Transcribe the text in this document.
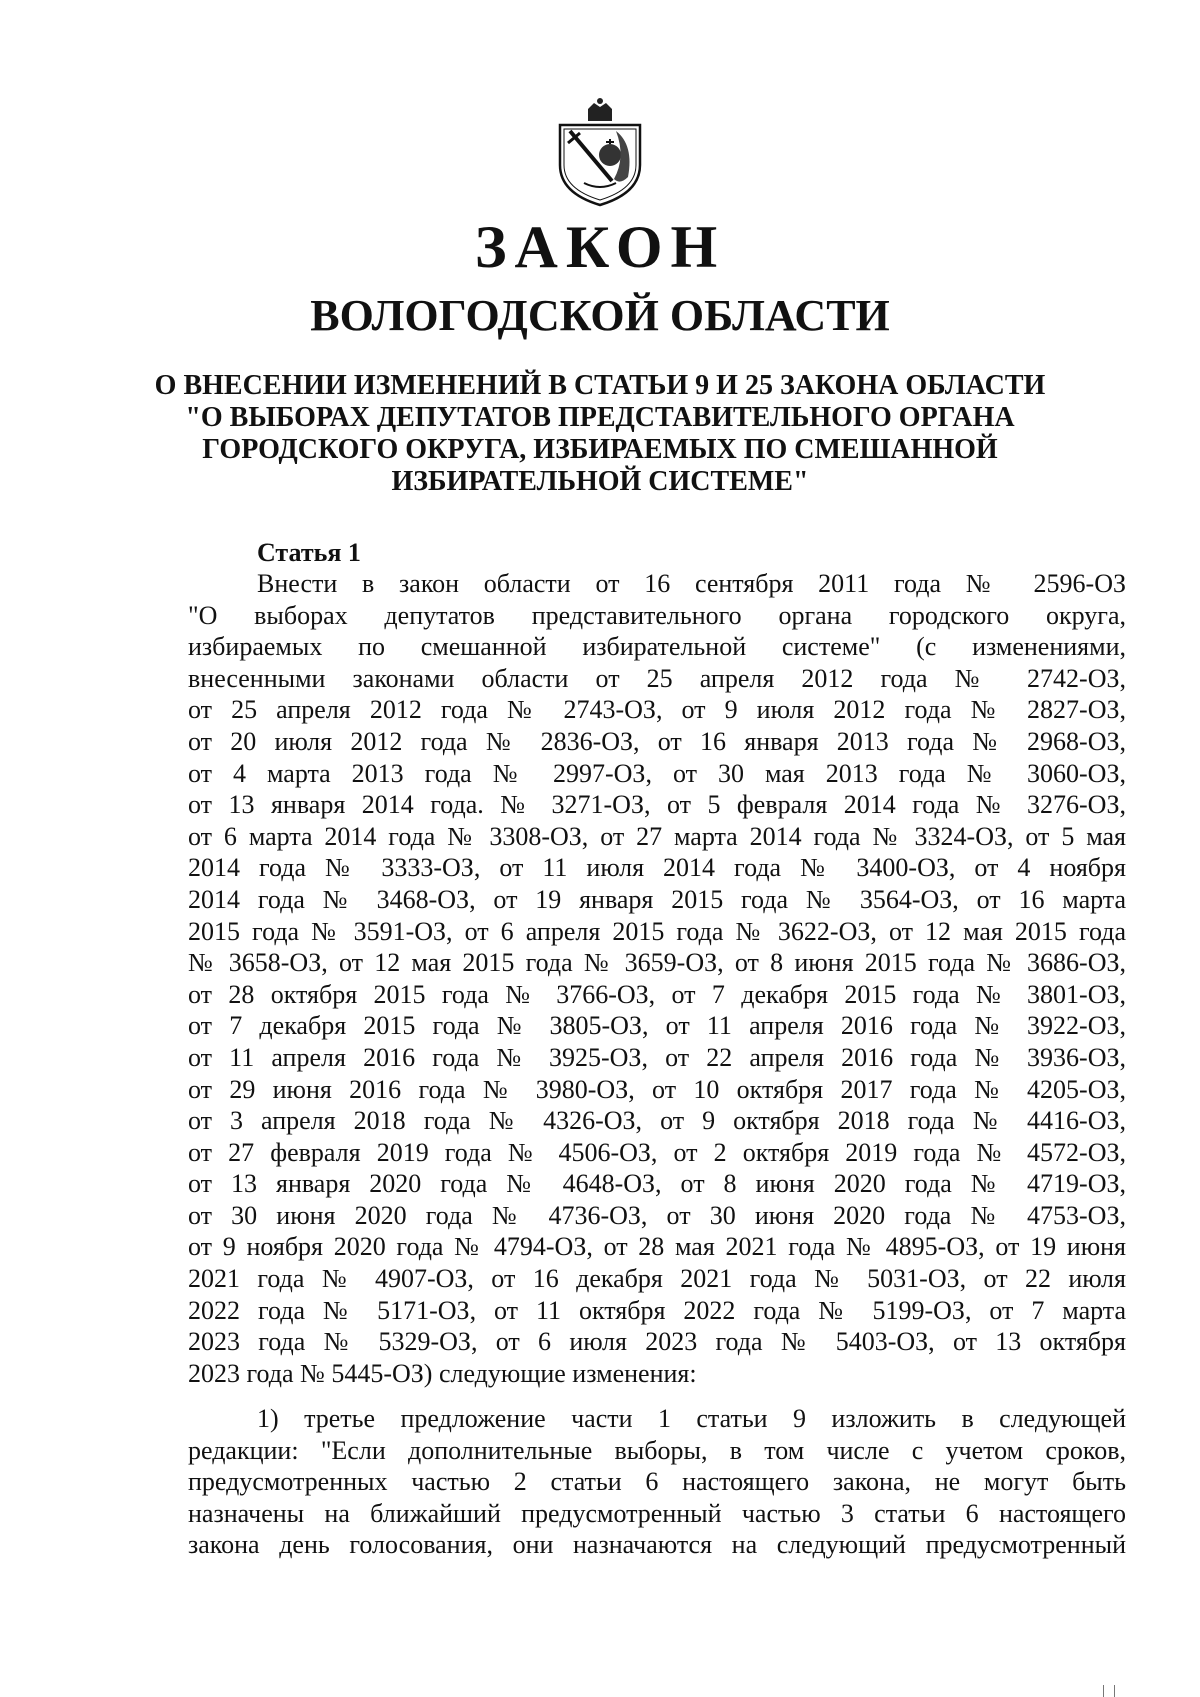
ЗАКОН
ВОЛОГОДСКОЙ ОБЛАСТИ
О ВНЕСЕНИИ ИЗМЕНЕНИЙ В СТАТЬИ 9 И 25 ЗАКОНА ОБЛАСТИ
"О ВЫБОРАХ ДЕПУТАТОВ ПРЕДСТАВИТЕЛЬНОГО ОРГАНА
ГОРОДСКОГО ОКРУГА, ИЗБИРАЕМЫХ ПО СМЕШАННОЙ
ИЗБИРАТЕЛЬНОЙ СИСТЕМЕ"
Статья 1
Внести в закон области от 16 сентября 2011 года № 2596-ОЗ
"О выборах депутатов представительного органа городского округа,
избираемых по смешанной избирательной системе" (с изменениями,
внесенными законами области от 25 апреля 2012 года № 2742-ОЗ,
от 25 апреля 2012 года № 2743-ОЗ, от 9 июля 2012 года № 2827-ОЗ,
от 20 июля 2012 года № 2836-ОЗ, от 16 января 2013 года № 2968-ОЗ,
от 4 марта 2013 года № 2997-ОЗ, от 30 мая 2013 года № 3060-ОЗ,
от 13 января 2014 года. № 3271-ОЗ, от 5 февраля 2014 года № 3276-ОЗ,
от 6 марта 2014 года № 3308-ОЗ, от 27 марта 2014 года № 3324-ОЗ, от 5 мая
2014 года № 3333-ОЗ, от 11 июля 2014 года № 3400-ОЗ, от 4 ноября
2014 года № 3468-ОЗ, от 19 января 2015 года № 3564-ОЗ, от 16 марта
2015 года № 3591-ОЗ, от 6 апреля 2015 года № 3622-ОЗ, от 12 мая 2015 года
№ 3658-ОЗ, от 12 мая 2015 года № 3659-ОЗ, от 8 июня 2015 года № 3686-ОЗ,
от 28 октября 2015 года № 3766-ОЗ, от 7 декабря 2015 года № 3801-ОЗ,
от 7 декабря 2015 года № 3805-ОЗ, от 11 апреля 2016 года № 3922-ОЗ,
от 11 апреля 2016 года № 3925-ОЗ, от 22 апреля 2016 года № 3936-ОЗ,
от 29 июня 2016 года № 3980-ОЗ, от 10 октября 2017 года № 4205-ОЗ,
от 3 апреля 2018 года № 4326-ОЗ, от 9 октября 2018 года № 4416-ОЗ,
от 27 февраля 2019 года № 4506-ОЗ, от 2 октября 2019 года № 4572-ОЗ,
от 13 января 2020 года № 4648-ОЗ, от 8 июня 2020 года № 4719-ОЗ,
от 30 июня 2020 года № 4736-ОЗ, от 30 июня 2020 года № 4753-ОЗ,
от 9 ноября 2020 года № 4794-ОЗ, от 28 мая 2021 года № 4895-ОЗ, от 19 июня
2021 года № 4907-ОЗ, от 16 декабря 2021 года № 5031-ОЗ, от 22 июля
2022 года № 5171-ОЗ, от 11 октября 2022 года № 5199-ОЗ, от 7 марта
2023 года № 5329-ОЗ, от 6 июля 2023 года № 5403-ОЗ, от 13 октября
2023 года № 5445-ОЗ) следующие изменения:
1) третье предложение части 1 статьи 9 изложить в следующей
редакции: "Если дополнительные выборы, в том числе с учетом сроков,
предусмотренных частью 2 статьи 6 настоящего закона, не могут быть
назначены на ближайший предусмотренный частью 3 статьи 6 настоящего
закона день голосования, они назначаются на следующий предусмотренный
